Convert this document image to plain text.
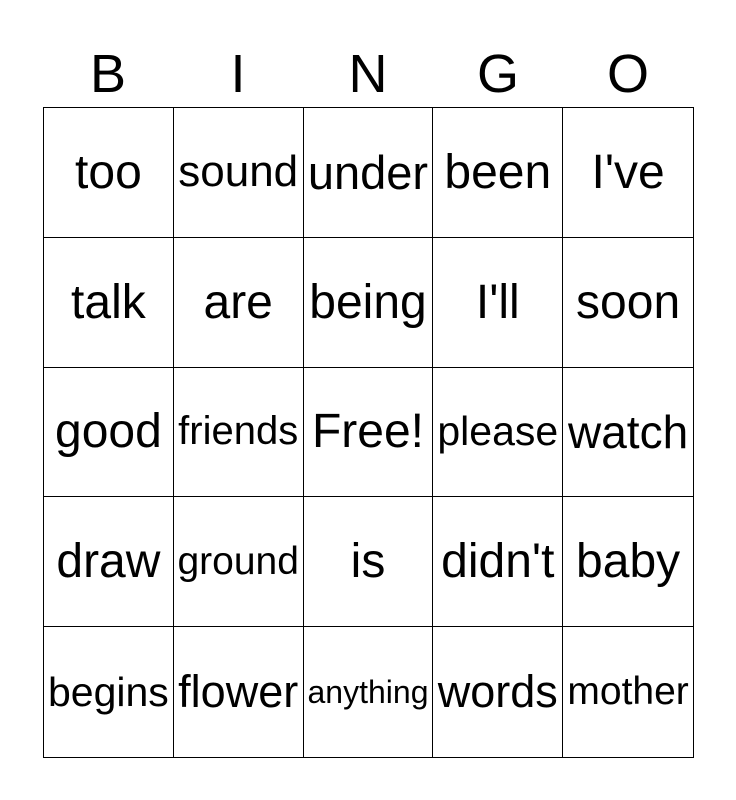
B	I	N	G	O
too sound under been I've
talk are being I'll soon
good friends Free! please watch
draw ground is didn't baby
begins flower anything words mother
